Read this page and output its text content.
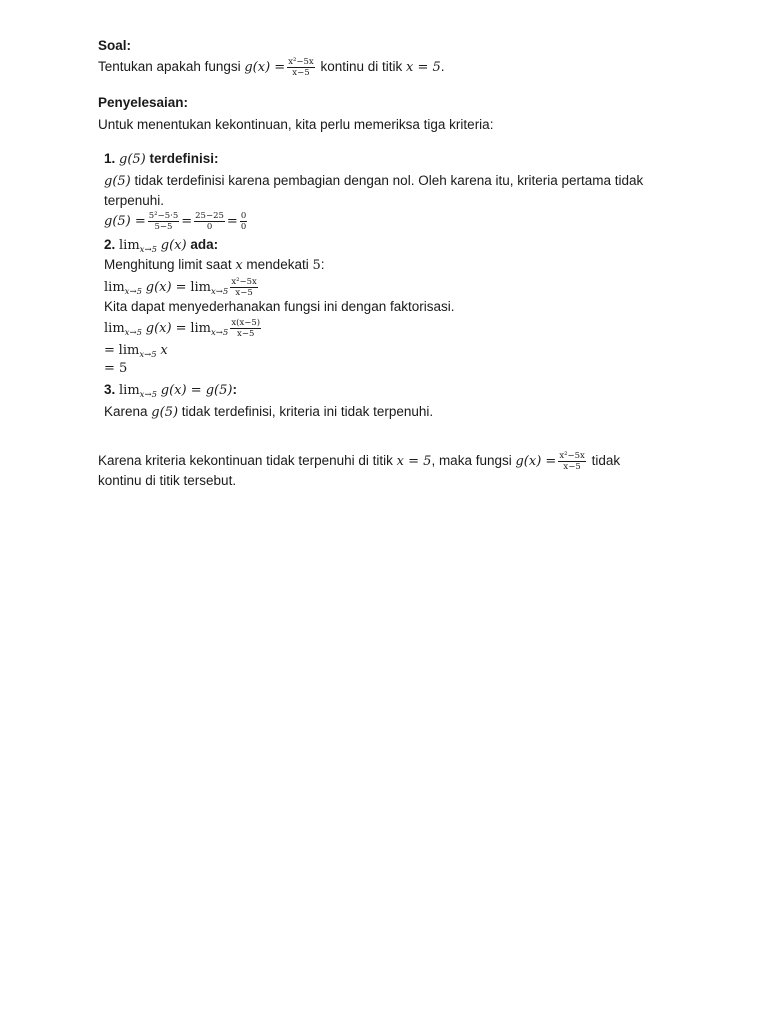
Soal:
Tentukan apakah fungsi $g(x) = \frac{\text{x²−5x}}{x-5}$ kontinu di titik x = 5.
Penyelesaian:
Untuk menentukan kekontinuan, kita perlu memeriksa tiga kriteria:
1. g(5) terdefinisi:
g(5) tidak terdefinisi karena pembagian dengan nol. Oleh karena itu, kriteria pertama tidak
terpenuhi.
$g(5) = \frac{\text{5²−5·5}}{5-5} = \frac{25-25}{0} = \frac{0}{0}$
2. $\lim_{x\to 5} g(x)$ ada:
Menghitung limit saat x mendekati 5:
$\lim_{x\to 5} g(x) = \lim_{x\to 5} \frac{\text{x²−5x}}{x-5}$
Kita dapat menyederhanakan fungsi ini dengan faktorisasi.
$\lim_{x\to 5} g(x) = \lim_{x\to 5} \frac{x(x-5)}{x-5}$
= $\lim_{x\to 5} x$
= 5
3. $\lim_{x\to 5} g(x) = g(5)$:
Karena g(5) tidak terdefinisi, kriteria ini tidak terpenuhi.
Karena kriteria kekontinuan tidak terpenuhi di titik x = 5, maka fungsi $g(x) = \frac{\text{x²−5x}}{x-5}$ tidak
kontinu di titik tersebut.
